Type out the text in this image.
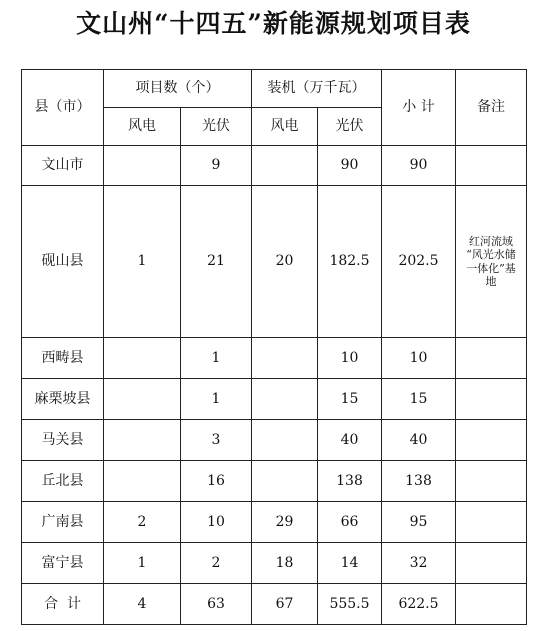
文山州“十四五”新能源规划项目表
县（市）	项目数（个）		装机（万千瓦）		小 计	备注
	风电	光伏	风电	光伏		
文山市		9		90	90	
砚山县	1	21	20	182.5	202.5	红河流域
“风光水储
一体化”基
地

西畴县		1		10	10	
麻栗坡县		1		15	15	
马关县		3		40	40	
丘北县		16		138	138	
广南县	2	10	29	66	95	
富宁县	1	2	18	14	32	
合  计	4	63	67	555.5	622.5	
